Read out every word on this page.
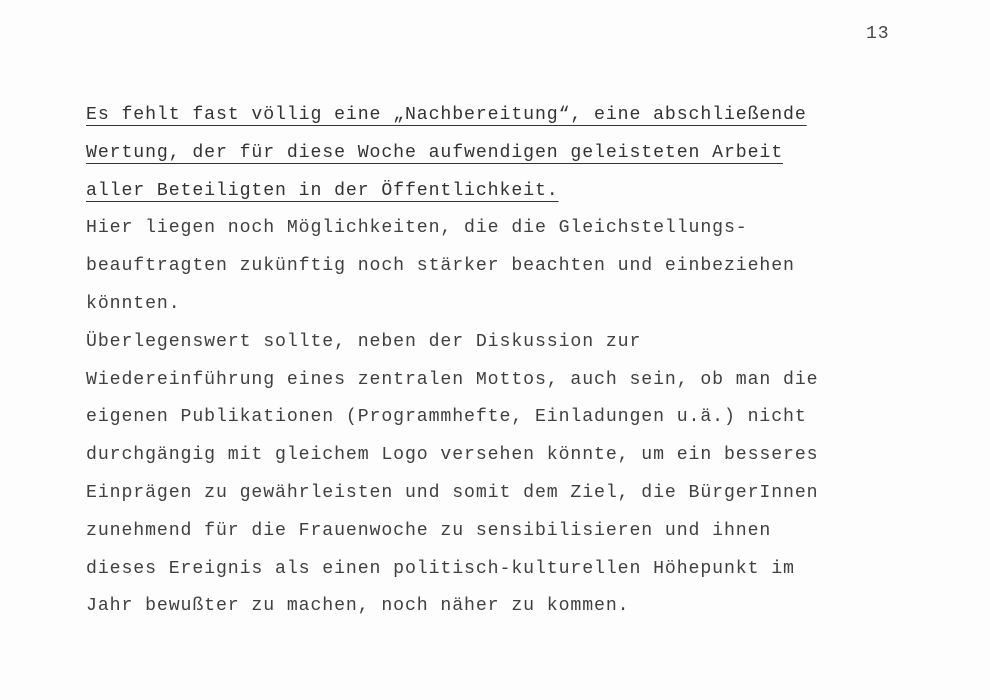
13
Es fehlt fast völlig eine „Nachbereitung“, eine abschließende
Wertung, der für diese Woche aufwendigen geleisteten Arbeit
aller Beteiligten in der Öffentlichkeit.
Hier liegen noch Möglichkeiten, die die Gleichstellungs-
beauftragten zukünftig noch stärker beachten und einbeziehen
könnten.
Überlegenswert sollte, neben der Diskussion zur
Wiedereinführung eines zentralen Mottos, auch sein, ob man die
eigenen Publikationen (Programmhefte, Einladungen u.ä.) nicht
durchgängig mit gleichem Logo versehen könnte, um ein besseres
Einprägen zu gewährleisten und somit dem Ziel, die BürgerInnen
zunehmend für die Frauenwoche zu sensibilisieren und ihnen
dieses Ereignis als einen politisch-kulturellen Höhepunkt im
Jahr bewußter zu machen, noch näher zu kommen.
